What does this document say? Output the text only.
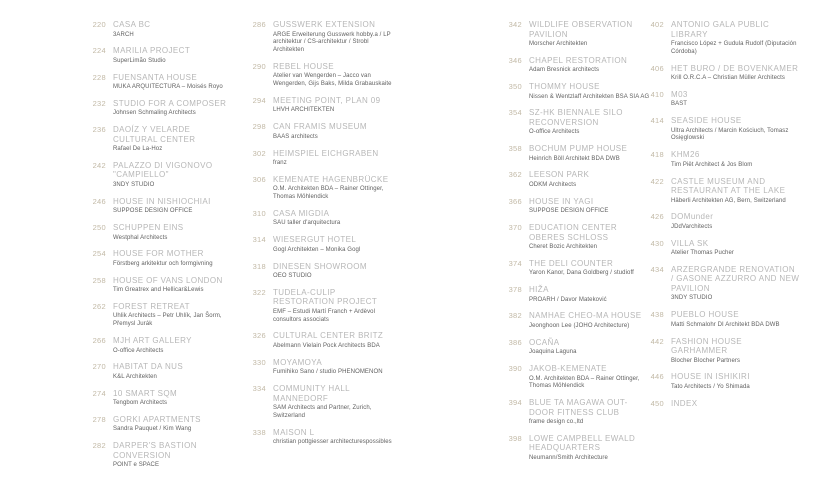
220 CASA BC
3ARCH
224 MARILIA PROJECT
SuperLimão Studio
228 FUENSANTA HOUSE
MUKA ARQUITECTURA – Moisés Royo
232 STUDIO FOR A COMPOSER
Johnsen Schmaling Architects
236 DAOÍZ Y VELARDE CULTURAL CENTER
Rafael De La-Hoz
242 PALAZZO DI VIGONOVO "CAMPIELLO"
3NDY STUDIO
246 HOUSE IN NISHIOCHIAI
SUPPOSE DESIGN OFFICE
250 SCHUPPEN EINS
Westphal Architects
254 HOUSE FOR MOTHER
Förstberg arkitektur och formgivning
258 HOUSE OF VANS LONDON
Tim Greatrex and Hellicar&Lewis
262 FOREST RETREAT
Uhlik Architects – Petr Uhlík, Jan Šorm, Přemysl Jurák
266 MJH ART GALLERY
O-office Architects
270 HABITAT DA NUS
K&L Architekten
274 10 SMART SQM
Tengbom Architects
278 GORKI APARTMENTS
Sandra Pauquet / Kim Wang
282 DARPER'S BASTION CONVERSION
POINT e SPACE
286 GUSSWERK EXTENSION
ARGE Erweiterung Gusswerk hobby.a / LP architektur / CS-architektur / Strobl Architekten
290 REBEL HOUSE
Atelier van Wengerden – Jacco van Wengerden, Gijs Baks, Milda Grabauskaite
294 MEETING POINT, PLAN 09
LHVH ARCHITEKTEN
298 CAN FRAMIS MUSEUM
BAAS architects
302 HEIMSPIEL EICHGRABEN
franz
306 KEMENATE HAGENBRÜCKE
O.M. Architekten BDA – Rainer Ottinger, Thomas Möhlendick
310 CASA MIGDIA
SAU taller d'arquitectura
314 WIESERGUT HOTEL
Gogl Architekten – Monika Gogl
318 DINESEN SHOWROOM
OEO STUDIO
322 TUDELA-CULIP RESTORATION PROJECT
EMF – Estudi Martí Franch + Ardèvol consultors associats
326 CULTURAL CENTER BRITZ
Abelmann Vielain Pock Architects BDA
330 MOYAMOYA
Fumihiko Sano / studio PHENOMENON
334 COMMUNITY HALL MANNEDORF
SAM Architects and Partner, Zurich, Switzerland
338 MAISON L
christian pottgiesser architecturespossibles
342 WILDLIFE OBSERVATION PAVILION
Morscher Architekten
346 CHAPEL RESTORATION
Adam Bresnick architects
350 THOMMY HOUSE
Nissen & Wentzlaff Architekten BSA SIA AG
354 SZ-HK BIENNALE SILO RECONVERSION
O-office Architects
358 BOCHUM PUMP HOUSE
Heinrich Böll Architekt BDA DWB
362 LEESON PARK
ODKM Architects
366 HOUSE IN YAGI
SUPPOSE DESIGN OFFICE
370 EDUCATION CENTER OBERES SCHLOSS
Cheret Bozic Architekten
374 THE DELI COUNTER
Yaron Kanor, Dana Goldberg / studioff
378 HIŽA
PROARH / Davor Mateković
382 NAMHAE CHEO-MA HOUSE
Jeonghoon Lee (JOHO Architecture)
386 OCAÑA
Joaquina Laguna
390 JAKOB-KEMENATE
O.M. Architekten BDA – Rainer Ottinger, Thomas Möhlendick
394 BLUE TA MAGAWA OUT-DOOR FITNESS CLUB
frame design co.,ltd
398 LOWE CAMPBELL EWALD HEADQUARTERS
Neumann/Smith Architecture
402 ANTONIO GALA PUBLIC LIBRARY
Francisco López + Gudula Rudolf (Diputación Córdoba)
406 HET BURO / DE BOVENKAMER
Krill O.R.C.A – Christian Müller Architects
410 M03
BAST
414 SEASIDE HOUSE
Ultra Architects / Marcin Kościuch, Tomasz Osięglowski
418 KHM26
Tim Piët Architect & Jos Blom
422 CASTLE MUSEUM AND RESTAURANT AT THE LAKE
Häberli Architekten AG, Bern, Switzerland
426 DOMunder
JDdVarchitects
430 VILLA SK
Atelier Thomas Pucher
434 ARZERGRANDE RENOVATION / GASONE AZZURRO AND NEW PAVILION
3NDY STUDIO
438 PUEBLO HOUSE
Matti Schmalohr DI Architekt BDA DWB
442 FASHION HOUSE GARHAMMER
Blocher Blocher Partners
446 HOUSE IN ISHIKIRI
Tato Architects / Yo Shimada
450 INDEX
